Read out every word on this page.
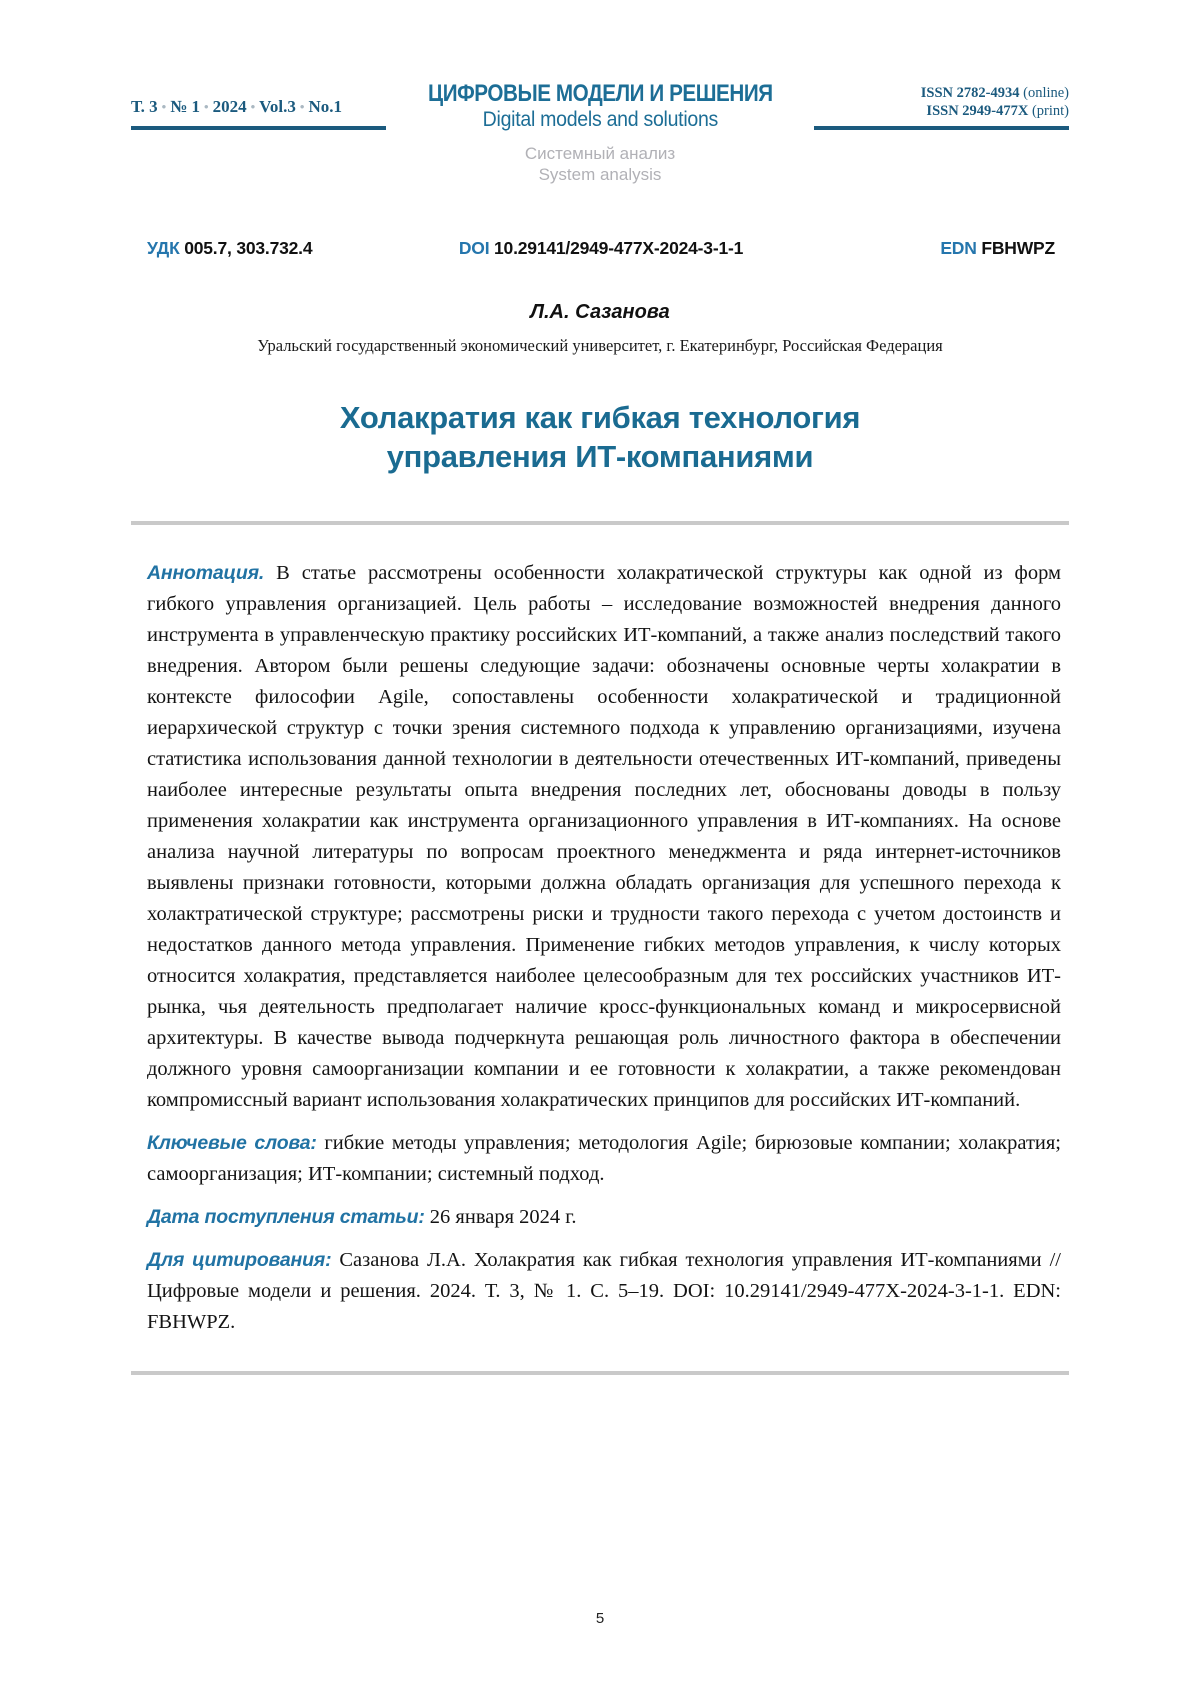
Т. 3 • № 1 • 2024 • Vol.3 • No.1	ЦИФРОВЫЕ МОДЕЛИ И РЕШЕНИЯ
Digital models and solutions
ISSN 2782-4934 (online)
ISSN 2949-477X (print)
Системный анализ
System analysis
УДК 005.7, 303.732.4	DOI 10.29141/2949-477X-2024-3-1-1	EDN FBHWPZ
Л.А. Сазанова
Уральский государственный экономический университет, г. Екатеринбург, Российская Федерация
Холакратия как гибкая технология
управления ИТ-компаниями

Аннотация. В статье рассмотрены особенности холакратической структуры как одной из форм гибкого управления организацией. Цель работы – исследование возможностей внедрения данного инструмента в управленческую практику российских ИТ-компаний, а также анализ последствий такого внедрения. Автором были решены следующие задачи: обозначены основные черты холакратии в контексте философии Agile, сопоставлены особенности холакратической и традиционной иерархической структур с точки зрения системного подхода к управлению организациями, изучена статистика использования данной технологии в деятельности отечественных ИТ-компаний, приведены наиболее интересные результаты опыта внедрения последних лет, обоснованы доводы в пользу применения холакратии как инструмента организационного управления в ИТ-компаниях. На основе анализа научной литературы по вопросам проектного менеджмента и ряда интернет-источников выявлены признаки готовности, которыми должна обладать организация для успешного перехода к холактратической структуре; рассмотрены риски и трудности такого перехода с учетом достоинств и недостатков данного метода управления. Применение гибких методов управления, к числу которых относится холакратия, представляется наиболее целесообразным для тех российских участников ИТ-рынка, чья деятельность предполагает наличие кросс-функциональных команд и микросервисной архитектуры. В качестве вывода подчеркнута решающая роль личностного фактора в обеспечении должного уровня самоорганизации компании и ее готовности к холакратии, а также рекомендован компромиссный вариант использования холакратических принципов для российских ИТ-компаний.

Ключевые слова: гибкие методы управления; методология Agile; бирюзовые компании; холакратия; самоорганизация; ИТ-компании; системный подход.

Дата поступления статьи: 26 января 2024 г.

Для цитирования: Сазанова Л.А. Холакратия как гибкая технология управления ИТ-компаниями // Цифровые модели и решения. 2024. Т. 3, № 1. С. 5–19. DOI: 10.29141/2949-477X-2024-3-1-1. EDN: FBHWPZ.

5
